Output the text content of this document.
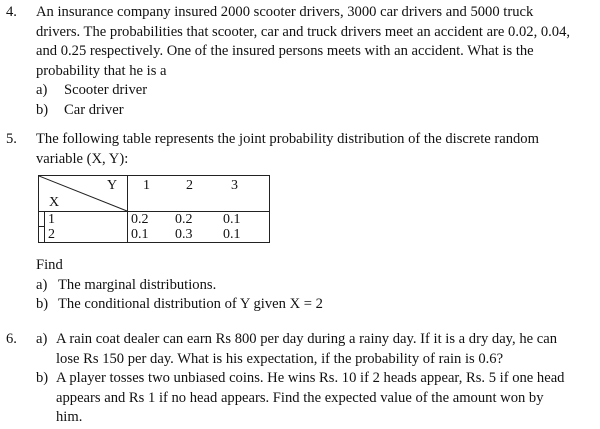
4. An insurance company insured 2000 scooter drivers, 3000 car drivers and 5000 truck
drivers. The probabilities that scooter, car and truck drivers meet an accident are 0.02, 0.04,
and 0.25 respectively. One of the insured persons meets with an accident. What is the
probability that he is a
a) Scooter driver
b) Car driver
5. The following table represents the joint probability distribution of the discrete random
variable (X, Y):
Y
X
1	2	3
1
2
0.2 0.2 0.1
0.1 0.3 0.1
Find
a) The marginal distributions.
b) The conditional distribution of Y given X = 2
6. a) A rain coat dealer can earn Rs 800 per day during a rainy day. If it is a dry day, he can
lose Rs 150 per day. What is his expectation, if the probability of rain is 0.6?
b) A player tosses two unbiased coins. He wins Rs. 10 if 2 heads appear, Rs. 5 if one head
appears and Rs 1 if no head appears. Find the expected value of the amount won by
him.
